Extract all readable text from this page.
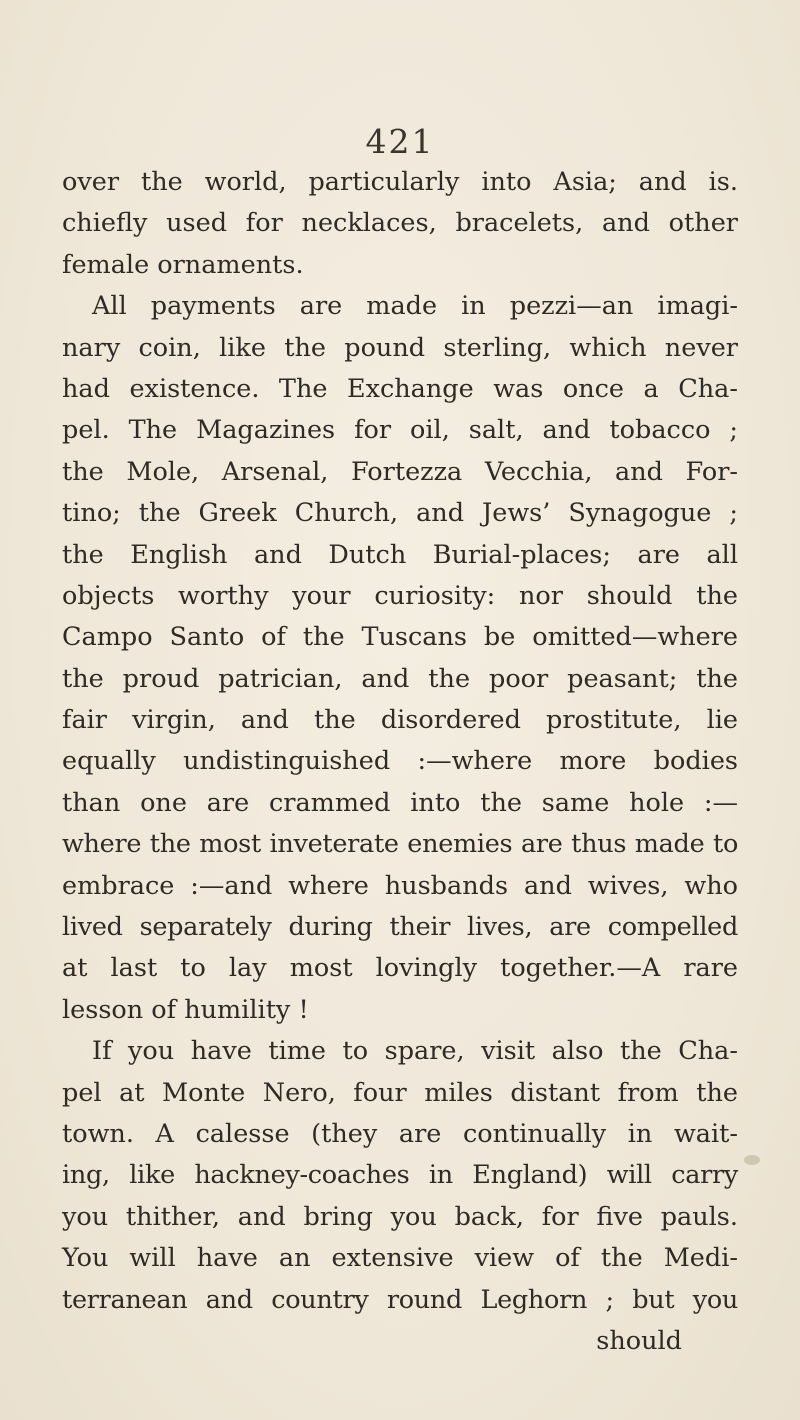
421
over the world, particularly into Asia; and is.
chiefly used for necklaces, bracelets, and other
female ornaments.
All payments are made in pezzi—an imagi-
nary coin, like the pound sterling, which never
had existence. The Exchange was once a Cha-
pel. The Magazines for oil, salt, and tobacco ;
the Mole, Arsenal, Fortezza Vecchia, and For-
tino; the Greek Church, and Jews’ Synagogue ;
the English and Dutch Burial-places; are all
objects worthy your curiosity: nor should the
Campo Santo of the Tuscans be omitted—where
the proud patrician, and the poor peasant; the
fair virgin, and the disordered prostitute, lie
equally undistinguished :—where more bodies
than one are crammed into the same hole :—
where the most inveterate enemies are thus made to
embrace :—and where husbands and wives, who
lived separately during their lives, are compelled
at last to lay most lovingly together.—A rare
lesson of humility !
If you have time to spare, visit also the Cha-
pel at Monte Nero, four miles distant from the
town. A calesse (they are continually in wait-
ing, like hackney-coaches in England) will carry
you thither, and bring you back, for five pauls.
You will have an extensive view of the Medi-
terranean and country round Leghorn ; but you
should
